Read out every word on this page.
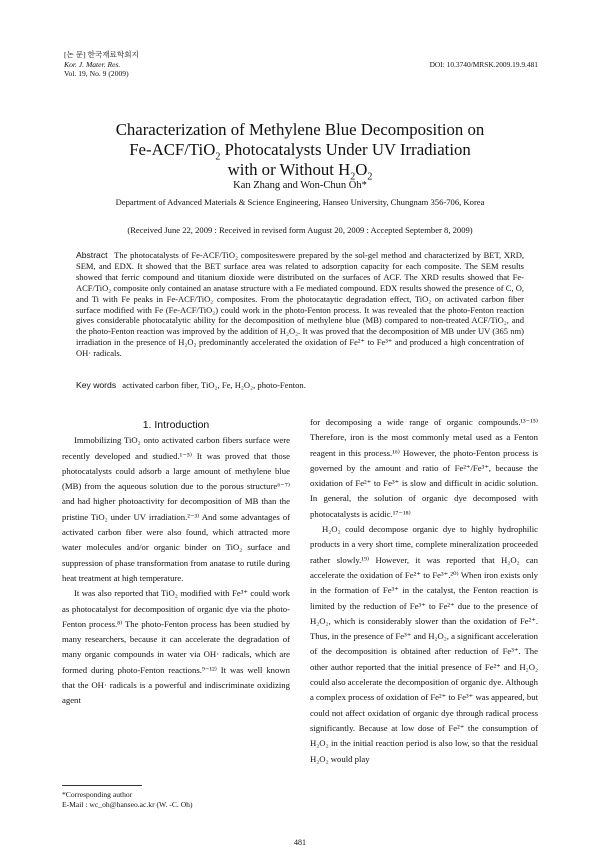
[논 문] 한국재료학회지
Kor. J. Mater. Res.
Vol. 19, No. 9 (2009)
DOI: 10.3740/MRSK.2009.19.9.481
Characterization of Methylene Blue Decomposition on
Fe-ACF/TiO$_2$ Photocatalysts Under UV Irradiation
with or Without $H_2O_2$
Kan Zhang and Won-Chun Oh*
Department of Advanced Materials & Science Engineering, Hanseo University, Chungnam 356-706, Korea
(Received June 22, 2009 : Received in revised form August 20, 2009 : Accepted September 8, 2009)
Abstract The photocatalysts of Fe-ACF/TiO₂ compositeswere prepared by the sol-gel method and characterized by BET, XRD, SEM, and EDX. It showed that the BET surface area was related to adsorption capacity for each composite. The SEM results showed that ferric compound and titanium dioxide were distributed on the surfaces of ACF. The XRD results showed that Fe-ACF/TiO₂ composite only contained an anatase structure with a Fe mediated compound. EDX results showed the presence of C, O, and Ti with Fe peaks in Fe-ACF/TiO₂ composites. From the photocataytic degradation effect, TiO₂ on activated carbon fiber surface modified with Fe (Fe-ACF/TiO₂) could work in the photo-Fenton process. It was revealed that the photo-Fenton reaction gives considerable photocatalytic ability for the decomposition of methylene blue (MB) compared to non-treated ACF/TiO₂, and the photo-Fenton reaction was improved by the addition of H₂O₂. It was proved that the decomposition of MB under UV (365 nm) irradiation in the presence of H₂O₂ predominantly accelerated the oxidation of Fe²⁺ to Fe³⁺ and produced a high concentration of OH· radicals.
Key words activated carbon fiber, TiO₂, Fe, H₂O₂, photo-Fenton.

1. Introduction

Immobilizing TiO₂ onto activated carbon fibers surface were recently developed and studied.¹⁻⁵⁾ It was proved that those photocatalysts could adsorb a large amount of methylene blue (MB) from the aqueous solution due to the porous structure⁶⁻⁷⁾ and had higher photoactivity for decomposition of MB than the pristine TiO₂ under UV irradiation.²⁻³⁾ And some advantages of activated carbon fiber were also found, which attracted more water molecules and/or organic binder on TiO₂ surface and suppression of phase transformation from anatase to rutile during heat treatment at high temperature.

It was also reported that TiO₂ modified with Fe³⁺ could work as photocatalyst for decomposition of organic dye via the photo-Fenton process.⁸⁾ The photo-Fenton process has been studied by many researchers, because it can accelerate the degradation of many organic compounds in water via OH· radicals, which are formed during photo-Fenton reactions.⁹⁻¹²⁾ It was well known that the OH· radicals is a powerful and indiscriminate oxidizing agent

for decomposing a wide range of organic compounds.¹³⁻¹⁵⁾ Therefore, iron is the most commonly metal used as a Fenton reagent in this process.¹⁶⁾ However, the photo-Fenton process is governed by the amount and ratio of Fe²⁺/Fe³⁺, because the oxidation of Fe²⁺ to Fe³⁺ is slow and difficult in acidic solution. In general, the solution of organic dye decomposed with photocatalysts is acidic.¹⁷⁻¹⁸⁾

H₂O₂ could decompose organic dye to highly hydrophilic products in a very short time, complete mineralization proceeded rather slowly.¹⁹⁾ However, it was reported that H₂O₂ can accelerate the oxidation of Fe²⁺ to Fe³⁺.²⁰⁾ When iron exists only in the formation of Fe³⁺ in the catalyst, the Fenton reaction is limited by the reduction of Fe³⁺ to Fe²⁺ due to the presence of H₂O₂, which is considerably slower than the oxidation of Fe²⁺. Thus, in the presence of Fe³⁺ and H₂O₂, a significant acceleration of the decomposition is obtained after reduction of Fe³⁺. The other author reported that the initial presence of Fe²⁺ and H₂O₂ could also accelerate the decomposition of organic dye. Although a complex process of oxidation of Fe²⁺ to Fe³⁺ was appeared, but could not affect oxidation of organic dye through radical process significantly. Because at low dose of Fe²⁺ the consumption of H₂O₂ in the initial reaction period is also low, so that the residual H₂O₂ would play

*Corresponding author
E-Mail : wc_oh@hanseo.ac.kr (W. -C. Oh)
481
